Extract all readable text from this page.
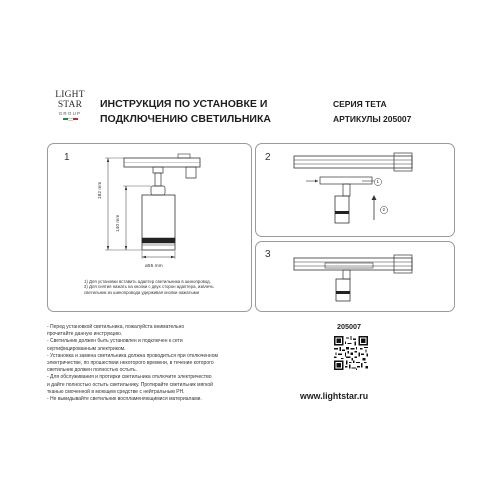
LIGHT
STAR
GROUP
ИНСТРУКЦИЯ ПО УСТАНОВКЕ И
ПОДКЛЮЧЕНИЮ СВЕТИЛЬНИКА
СЕРИЯ TETA
АРТИКУЛЫ 205007
1
182 mm
140 mm
ø55 mm
1) Для установки вставить адаптер светильника в шинопровод.
2) Для снятия нажать на кнопки с двух сторон адаптера, извлечь
светильник из шинопровода удерживая кнопки нажатыми
2
1
2
3
- Перед установкой светильника, пожалуйста внимательно
прочитайте данную инструкцию.
- Светильник должен быть установлен и подключен к сети
сертифицированным электриком.
- Установка и замена светильника должна проводиться при отключенном
электричестве, по прошествии некоторого времени, в течение которого
светильник должен полностью остыть.
- Для обслуживания и протирки светильника отключите электричество
и дайте полностью остыть светильнику. Протирайте светильник мягкой
тканью смоченной в моющем средстве с нейтральным PH.
- Не выкидывайте светильник воспламеняющимися материалами.
205007
www.lightstar.ru
